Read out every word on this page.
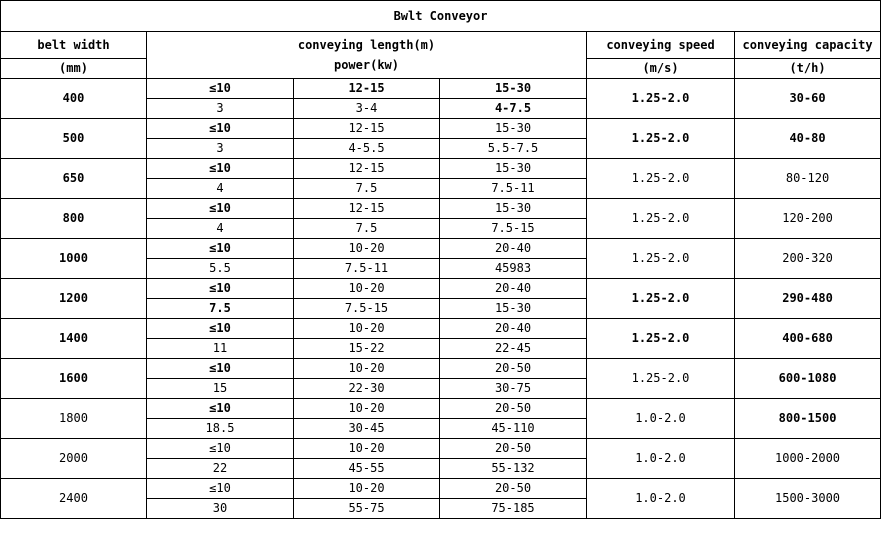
Bwlt Conveyor					
belt width	conveying length(m)
power(kw)			conveying speed	conveying capacity
(mm)				(m/s)	(t/h)
400	≤10	12-15	15-30	1.25-2.0	30-60
	3	3-4	4-7.5		
500	≤10	12-15	15-30	1.25-2.0	40-80
	3	4-5.5	5.5-7.5		
650	≤10	12-15	15-30	1.25-2.0	80-120
	4	7.5	7.5-11		
800	≤10	12-15	15-30	1.25-2.0	120-200
	4	7.5	7.5-15		
1000	≤10	10-20	20-40	1.25-2.0	200-320
	5.5	7.5-11	45983		
1200	≤10	10-20	20-40	1.25-2.0	290-480
	7.5	7.5-15	15-30		
1400	≤10	10-20	20-40	1.25-2.0	400-680
	11	15-22	22-45		
1600	≤10	10-20	20-50	1.25-2.0	600-1080
	15	22-30	30-75		
1800	≤10	10-20	20-50	1.0-2.0	800-1500
	18.5	30-45	45-110		
2000	≤10	10-20	20-50	1.0-2.0	1000-2000
	22	45-55	55-132		
2400	≤10	10-20	20-50	1.0-2.0	1500-3000
	30	55-75	75-185		
